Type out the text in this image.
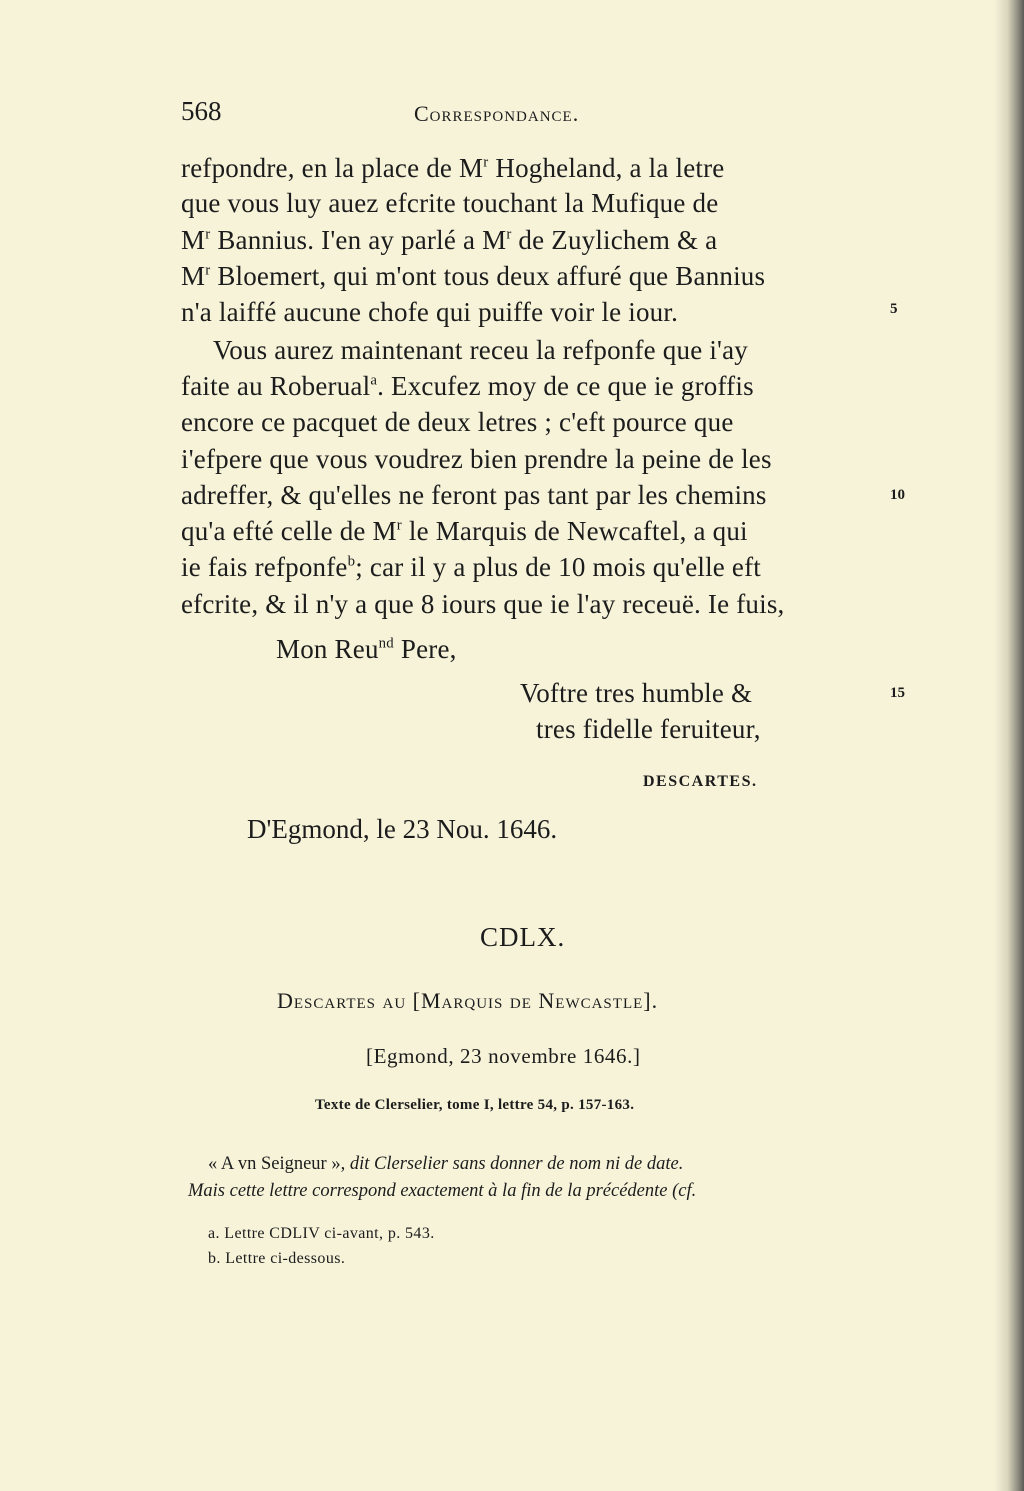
568	Correspondance.
refpondre, en la place de $M^r$ Hogheland, a la letre
que vous luy auez efcrite touchant la Mufique de
$M^r$ Bannius. I'en ay parlé a $M^r$ de Zuylichem & a
$M^r$ Bloemert, qui m'ont tous deux affuré que Bannius
n'a laiffé aucune chofe qui puiffe voir le iour.	5
Vous aurez maintenant receu la refponfe que i'ay
faite au Roberual$^a$. Excufez moy de ce que ie groffis
encore ce pacquet de deux letres ; c'eft pource que
i'efpere que vous voudrez bien prendre la peine de les
adreffer, & qu'elles ne feront pas tant par les chemins	10
qu'a efté celle de $M^r$ le Marquis de Newcaftel, a qui
ie fais refponfe$^b$; car il y a plus de 10 mois qu'elle eft
efcrite, & il n'y a que 8 iours que ie l'ay receuë. Ie fuis,
Mon Reu$^{nd}$ Pere,
Voftre tres humble &	15
tres fidelle feruiteur,
DESCARTES.
D'Egmond, le 23 Nou. 1646.
CDLX.
Descartes au [Marquis de Newcastle].
[Egmond, 23 novembre 1646.]
Texte de Clerselier, tome I, lettre 54, p. 157-163.
« A vn Seigneur », dit Clerselier sans donner de nom ni de date.
Mais cette lettre correspond exactement à la fin de la précédente (cf.
a. Lettre CDLIV ci-avant, p. 543.
b. Lettre ci-dessous.
